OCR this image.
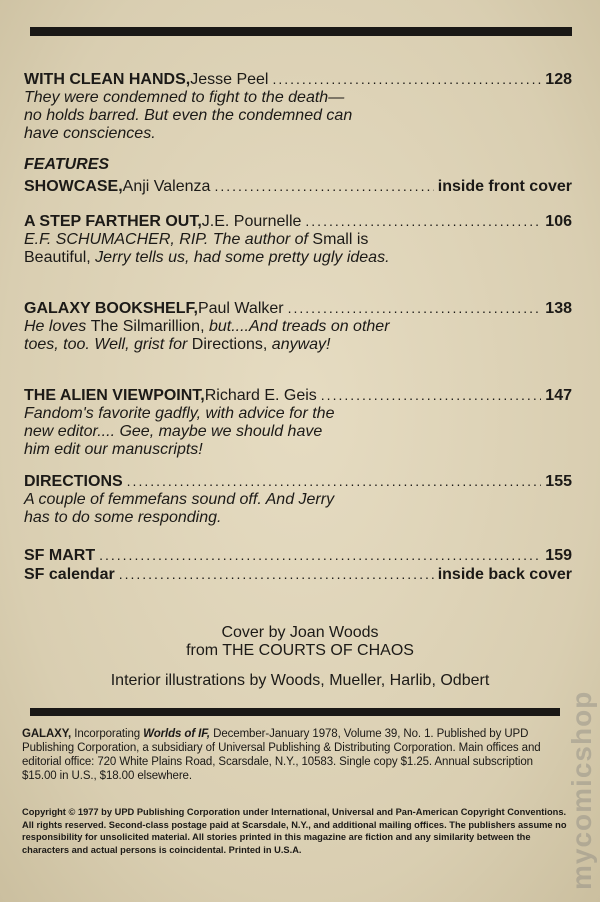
WITH CLEAN HANDS, Jesse Peel .....	128
They were condemned to fight to the death—
no holds barred. But even the condemned can
have consciences.
FEATURES
SHOWCASE, Anji Valenza .....	inside front cover
A STEP FARTHER OUT, J.E. Pournelle .....	106
E.F. SCHUMACHER, RIP. The author of Small is Beautiful, Jerry tells us, had some pretty ugly ideas.
GALAXY BOOKSHELF, Paul Walker .....	138
He loves The Silmarillion, but....And treads on other toes, too. Well, grist for Directions, anyway!
THE ALIEN VIEWPOINT, Richard E. Geis .....	147
Fandom's favorite gadfly, with advice for the
new editor.... Gee, maybe we should have
him edit our manuscripts!
DIRECTIONS .....	155
A couple of femmefans sound off. And Jerry
has to do some responding.
SF MART .....	159
SF calendar .....	inside back cover
Cover by Joan Woods
from THE COURTS OF CHAOS
Interior illustrations by Woods, Mueller, Harlib, Odbert
GALAXY, Incorporating Worlds of IF, December-January 1978, Volume 39, No. 1. Published by UPD Publishing Corporation, a subsidiary of Universal Publishing & Distributing Corporation. Main offices and editorial office: 720 White Plains Road, Scarsdale, N.Y., 10583. Single copy $1.25. Annual subscription $15.00 in U.S., $18.00 elsewhere.
Copyright © 1977 by UPD Publishing Corporation under International, Universal and Pan-American Copyright Conventions. All rights reserved. Second-class postage paid at Scarsdale, N.Y., and additional mailing offices. The publishers assume no responsibility for unsolicited material. All stories printed in this magazine are fiction and any similarity between the characters and actual persons is coincidental. Printed in U.S.A.	mycomicshop
